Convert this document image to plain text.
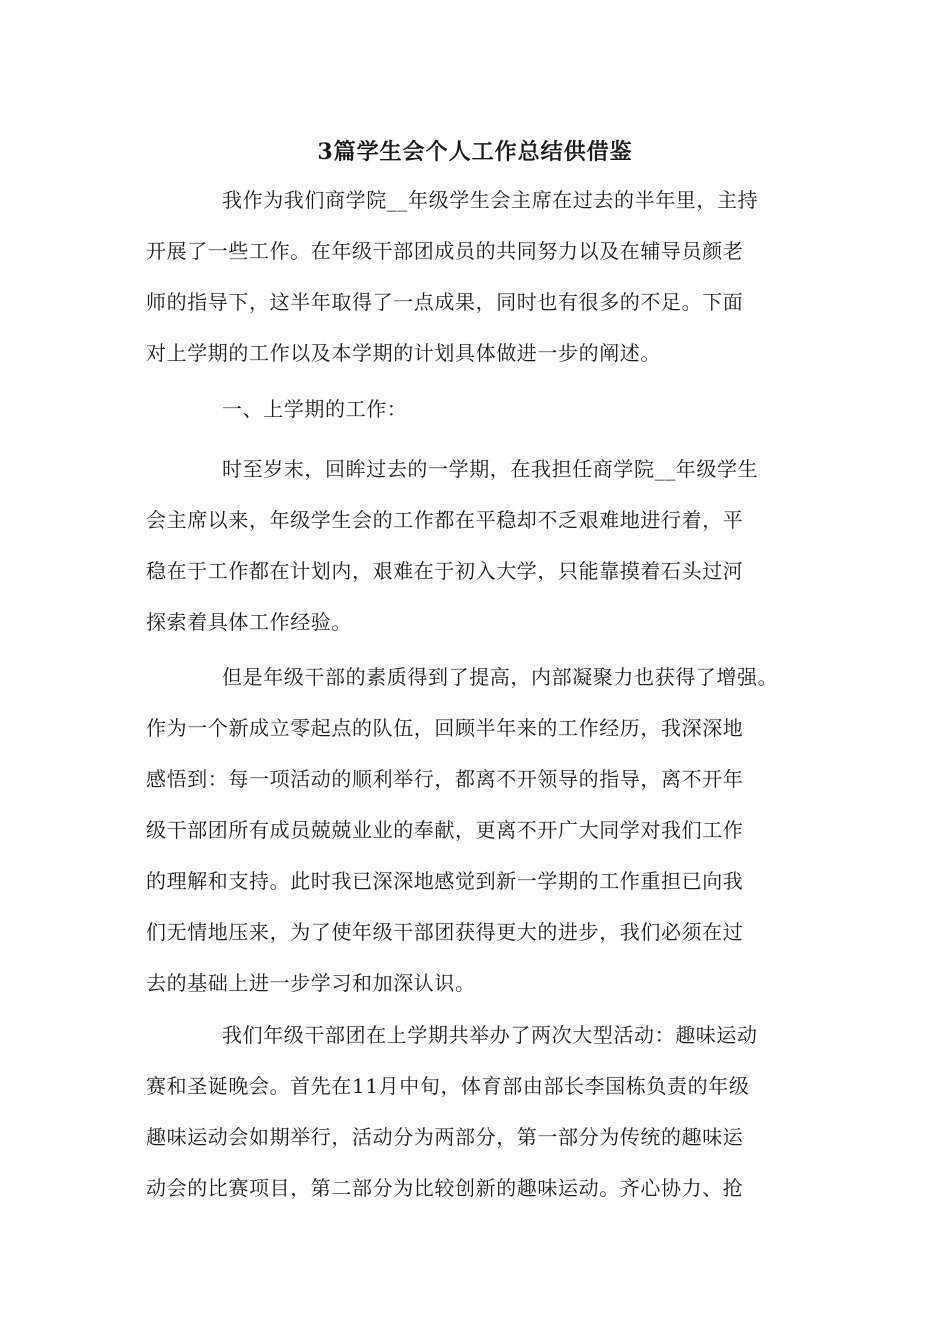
3篇学生会个人工作总结供借鉴
我作为我们商学院__年级学生会主席在过去的半年里，主持
开展了一些工作。在年级干部团成员的共同努力以及在辅导员颜老
师的指导下，这半年取得了一点成果，同时也有很多的不足。下面
对上学期的工作以及本学期的计划具体做进一步的阐述。
一、上学期的工作：
时至岁末，回眸过去的一学期，在我担任商学院__年级学生
会主席以来，年级学生会的工作都在平稳却不乏艰难地进行着，平
稳在于工作都在计划内，艰难在于初入大学，只能靠摸着石头过河
探索着具体工作经验。
但是年级干部的素质得到了提高，内部凝聚力也获得了增强。
作为一个新成立零起点的队伍，回顾半年来的工作经历，我深深地
感悟到：每一项活动的顺利举行，都离不开领导的指导，离不开年
级干部团所有成员兢兢业业的奉献，更离不开广大同学对我们工作
的理解和支持。此时我已深深地感觉到新一学期的工作重担已向我
们无情地压来，为了使年级干部团获得更大的进步，我们必须在过
去的基础上进一步学习和加深认识。
我们年级干部团在上学期共举办了两次大型活动：趣味运动
赛和圣诞晚会。首先在11月中旬，体育部由部长李国栋负责的年级
趣味运动会如期举行，活动分为两部分，第一部分为传统的趣味运
动会的比赛项目，第二部分为比较创新的趣味运动。齐心协力、抢
